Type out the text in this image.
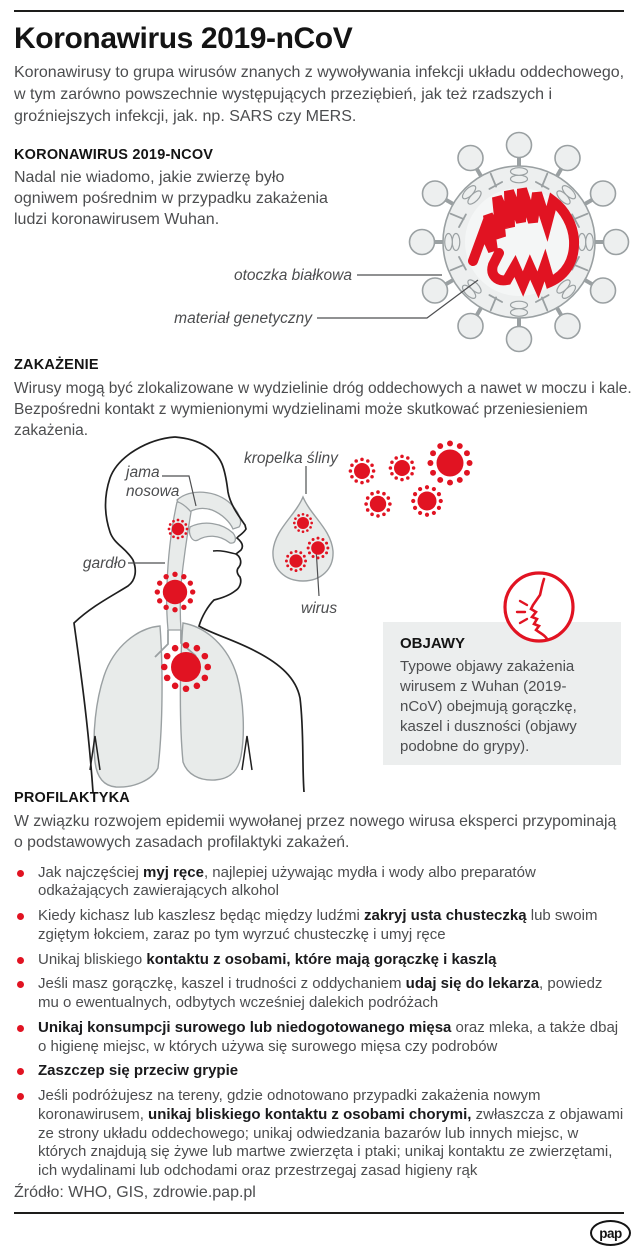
Koronawirus 2019-nCoV

Koronawirusy to grupa wirusów znanych z wywoływania infekcji układu oddechowego, w tym zarówno powszechnie występujących przeziębień, jak też rzadszych i groźniejszych infekcji, jak. np. SARS czy MERS.

KORONAWIRUS 2019-NCOV

Nadal nie wiadomo, jakie zwierzę było ogniwem pośrednim w przypadku zakażenia ludzi koronawirusem Wuhan.

otoczka białkowa
materiał genetyczny
ZAKAŻENIE

Wirusy mogą być zlokalizowane w wydzielinie dróg oddechowych a nawet w moczu i kale. Bezpośredni kontakt z wymienionymi wydzielinami może skutkować przeniesieniem zakażenia.

jama nosowa
gardło
kropelka śliny
wirus
OBJAWY

Typowe objawy zakażenia wirusem z Wuhan (2019-nCoV) obejmują gorączkę, kaszel i duszności (objawy podobne do grypy).

PROFILAKTYKA

W związku rozwojem epidemii wywołanej przez nowego wirusa eksperci przypominają o podstawowych zasadach profilaktyki zakażeń.

Jak najczęściej myj ręce, najlepiej używając mydła i wody albo preparatów odkażających zawierających alkohol
Kiedy kichasz lub kaszlesz będąc między ludźmi zakryj usta chusteczką lub swoim zgiętym łokciem, zaraz po tym wyrzuć chusteczkę i umyj ręce
Unikaj bliskiego kontaktu z osobami, które mają gorączkę i kaszlą
Jeśli masz gorączkę, kaszel i trudności z oddychaniem udaj się do lekarza, powiedz mu o ewentualnych, odbytych wcześniej dalekich podróżach
Unikaj konsumpcji surowego lub niedogotowanego mięsa oraz mleka, a także dbaj o higienę miejsc, w których używa się surowego mięsa czy podrobów
Zaszczep się przeciw grypie
Jeśli podróżujesz na tereny, gdzie odnotowano przypadki zakażenia nowym koronawirusem, unikaj bliskiego kontaktu z osobami chorymi, zwłaszcza z objawami ze strony układu oddechowego; unikaj odwiedzania bazarów lub innych miejsc, w których znajdują się żywe lub martwe zwierzęta i ptaki; unikaj kontaktu ze zwierzętami, ich wydalinami lub odchodami oraz przestrzegaj zasad higieny rąk

Źródło: WHO, GIS, zdrowie.pap.pl

pap
